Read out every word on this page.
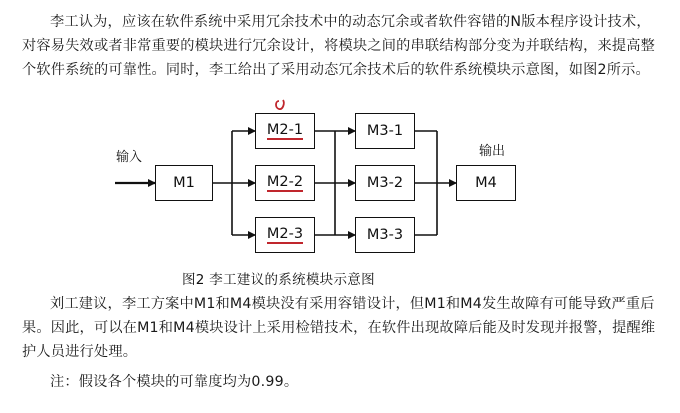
李工认为，应该在软件系统中采用冗余技术中的动态冗余或者软件容错的N版本程序设计技术，对容易失效或者非常重要的模块进行冗余设计，将模块之间的串联结构部分变为并联结构，来提高整个软件系统的可靠性。同时，李工给出了采用动态冗余技术后的软件系统模块示意图，如图2所示。
输入	输出
M1
M2-1
M2-2
M2-3
M3-1
M3-2
M3-3
M4
图2 李工建议的系统模块示意图
刘工建议，李工方案中M1和M4模块没有采用容错设计，但M1和M4发生故障有可能导致严重后果。因此，可以在M1和M4模块设计上采用检错技术，在软件出现故障后能及时发现并报警，提醒维护人员进行处理。
注：假设各个模块的可靠度均为0.99。
